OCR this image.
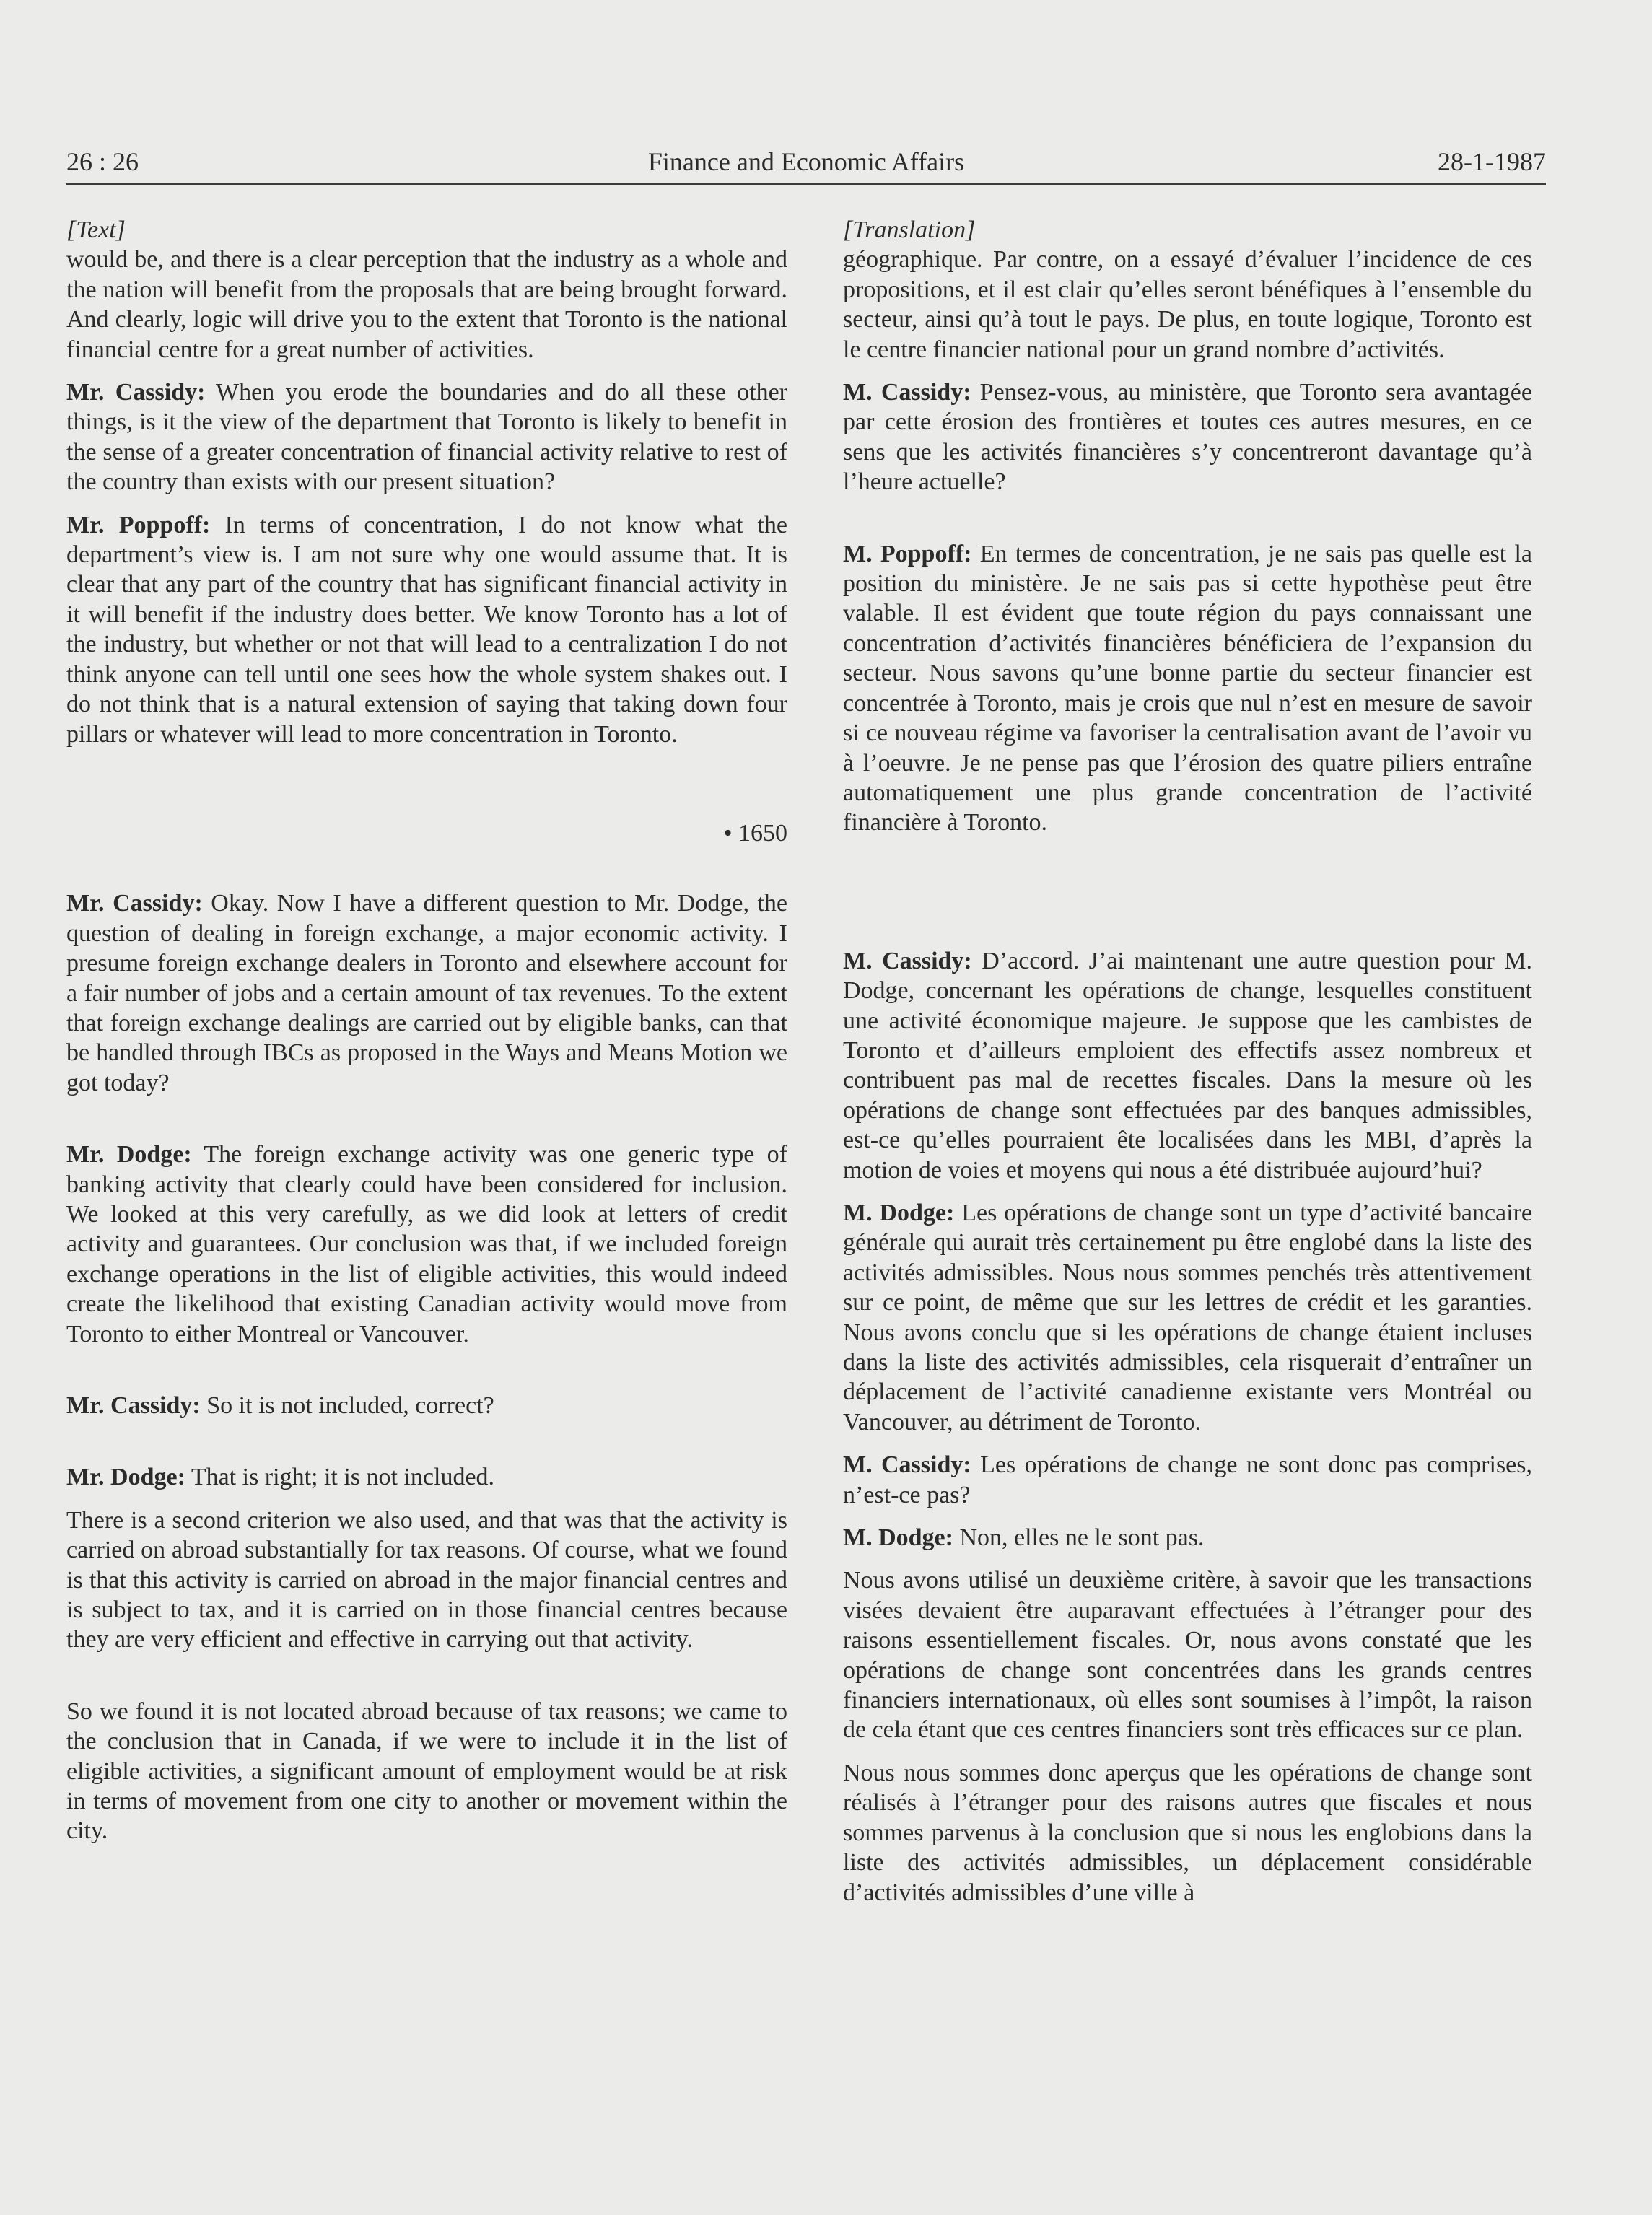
26 : 26	Finance and Economic Affairs	28-1-1987

[Text]

would be, and there is a clear perception that the industry as a whole and the nation will benefit from the proposals that are being brought forward. And clearly, logic will drive you to the extent that Toronto is the national financial centre for a great number of activities.

Mr. Cassidy: When you erode the boundaries and do all these other things, is it the view of the department that Toronto is likely to benefit in the sense of a greater concentration of financial activity relative to rest of the country than exists with our present situation?

Mr. Poppoff: In terms of concentration, I do not know what the department’s view is. I am not sure why one would assume that. It is clear that any part of the country that has significant financial activity in it will benefit if the industry does better. We know Toronto has a lot of the industry, but whether or not that will lead to a centralization I do not think anyone can tell until one sees how the whole system shakes out. I do not think that is a natural extension of saying that taking down four pillars or whatever will lead to more concentration in Toronto.

• 1650

Mr. Cassidy: Okay. Now I have a different question to Mr. Dodge, the question of dealing in foreign exchange, a major economic activity. I presume foreign exchange dealers in Toronto and elsewhere account for a fair number of jobs and a certain amount of tax revenues. To the extent that foreign exchange dealings are carried out by eligible banks, can that be handled through IBCs as proposed in the Ways and Means Motion we got today?

Mr. Dodge: The foreign exchange activity was one generic type of banking activity that clearly could have been considered for inclusion. We looked at this very carefully, as we did look at letters of credit activity and guarantees. Our conclusion was that, if we included foreign exchange operations in the list of eligible activities, this would indeed create the likelihood that existing Canadian activity would move from Toronto to either Montreal or Vancouver.

Mr. Cassidy: So it is not included, correct?

Mr. Dodge: That is right; it is not included.

There is a second criterion we also used, and that was that the activity is carried on abroad substantially for tax reasons. Of course, what we found is that this activity is carried on abroad in the major financial centres and is subject to tax, and it is carried on in those financial centres because they are very efficient and effective in carrying out that activity.

So we found it is not located abroad because of tax reasons; we came to the conclusion that in Canada, if we were to include it in the list of eligible activities, a significant amount of employment would be at risk in terms of movement from one city to another or movement within the city.

[Translation]

géographique. Par contre, on a essayé d’évaluer l’incidence de ces propositions, et il est clair qu’elles seront bénéfiques à l’ensemble du secteur, ainsi qu’à tout le pays. De plus, en toute logique, Toronto est le centre financier national pour un grand nombre d’activités.

M. Cassidy: Pensez-vous, au ministère, que Toronto sera avantagée par cette érosion des frontières et toutes ces autres mesures, en ce sens que les activités financières s’y concentreront davantage qu’à l’heure actuelle?

M. Poppoff: En termes de concentration, je ne sais pas quelle est la position du ministère. Je ne sais pas si cette hypothèse peut être valable. Il est évident que toute région du pays connaissant une concentration d’activités financières bénéficiera de l’expansion du secteur. Nous savons qu’une bonne partie du secteur financier est concentrée à Toronto, mais je crois que nul n’est en mesure de savoir si ce nouveau régime va favoriser la centralisation avant de l’avoir vu à l’oeuvre. Je ne pense pas que l’érosion des quatre piliers entraîne automatiquement une plus grande concentration de l’activité financière à Toronto.

M. Cassidy: D’accord. J’ai maintenant une autre question pour M. Dodge, concernant les opérations de change, lesquelles constituent une activité économique majeure. Je suppose que les cambistes de Toronto et d’ailleurs emploient des effectifs assez nombreux et contribuent pas mal de recettes fiscales. Dans la mesure où les opérations de change sont effectuées par des banques admissibles, est-ce qu’elles pourraient ête localisées dans les MBI, d’après la motion de voies et moyens qui nous a été distribuée aujourd’hui?

M. Dodge: Les opérations de change sont un type d’activité bancaire générale qui aurait très certainement pu être englobé dans la liste des activités admissibles. Nous nous sommes penchés très attentivement sur ce point, de même que sur les lettres de crédit et les garanties. Nous avons conclu que si les opérations de change étaient incluses dans la liste des activités admissibles, cela risquerait d’entraîner un déplacement de l’activité canadienne existante vers Montréal ou Vancouver, au détriment de Toronto.

M. Cassidy: Les opérations de change ne sont donc pas comprises, n’est-ce pas?

M. Dodge: Non, elles ne le sont pas.

Nous avons utilisé un deuxième critère, à savoir que les transactions visées devaient être auparavant effectuées à l’étranger pour des raisons essentiellement fiscales. Or, nous avons constaté que les opérations de change sont concentrées dans les grands centres financiers internationaux, où elles sont soumises à l’impôt, la raison de cela étant que ces centres financiers sont très efficaces sur ce plan.

Nous nous sommes donc aperçus que les opérations de change sont réalisés à l’étranger pour des raisons autres que fiscales et nous sommes parvenus à la conclusion que si nous les englobions dans la liste des activités admissibles, un déplacement considérable d’activités admissibles d’une ville à
